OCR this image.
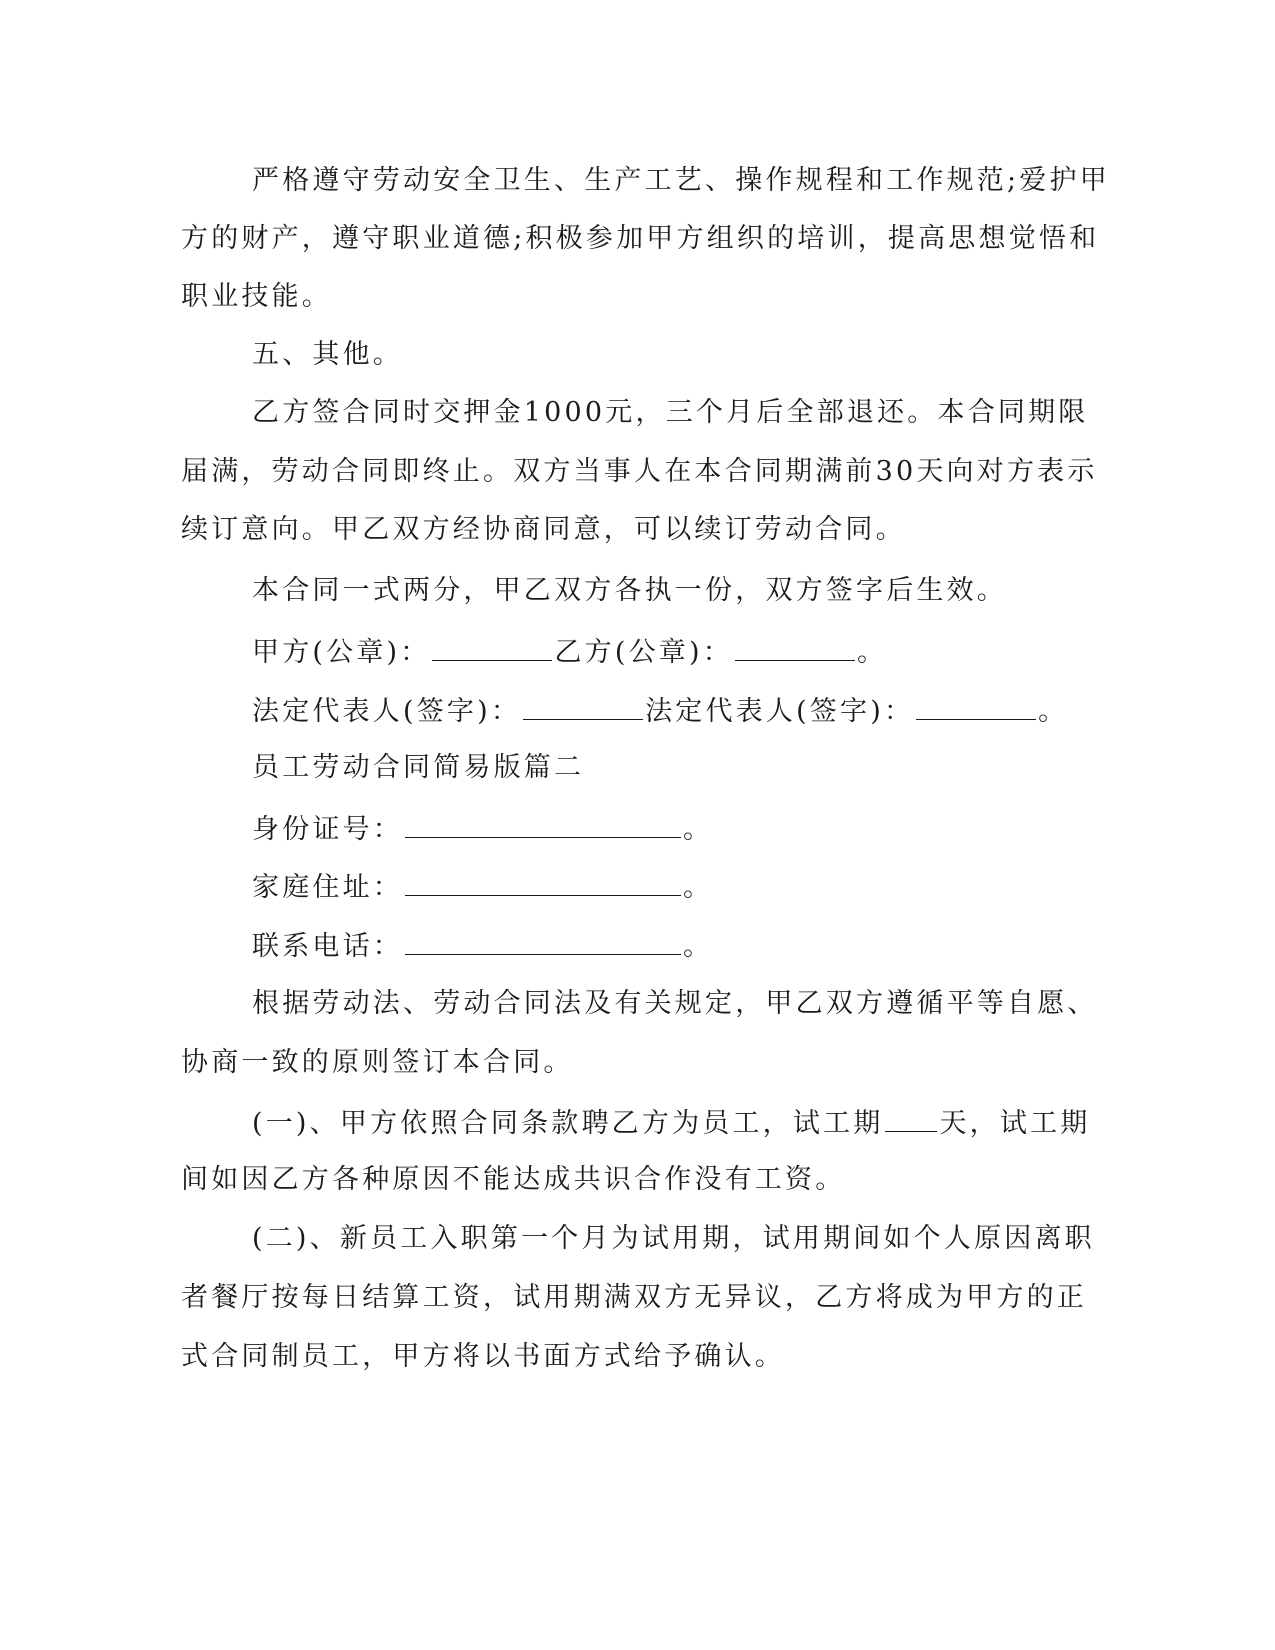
严格遵守劳动安全卫生、生产工艺、操作规程和工作规范;爱护甲
方的财产，遵守职业道德;积极参加甲方组织的培训，提高思想觉悟和
职业技能。
五、其他。
乙方签合同时交押金1000元，三个月后全部退还。本合同期限
届满，劳动合同即终止。双方当事人在本合同期满前30天向对方表示
续订意向。甲乙双方经协商同意，可以续订劳动合同。
本合同一式两分，甲乙双方各执一份，双方签字后生效。
甲方(公章)：	乙方(公章)：	。
法定代表人(签字)：	法定代表人(签字)：	。
员工劳动合同简易版篇二
身份证号：	。
家庭住址：	。
联系电话：	。
根据劳动法、劳动合同法及有关规定，甲乙双方遵循平等自愿、
协商一致的原则签订本合同。
(一)、甲方依照合同条款聘乙方为员工，试工期 天，试工期
间如因乙方各种原因不能达成共识合作没有工资。
(二)、新员工入职第一个月为试用期，试用期间如个人原因离职
者餐厅按每日结算工资，试用期满双方无异议，乙方将成为甲方的正
式合同制员工，甲方将以书面方式给予确认。
